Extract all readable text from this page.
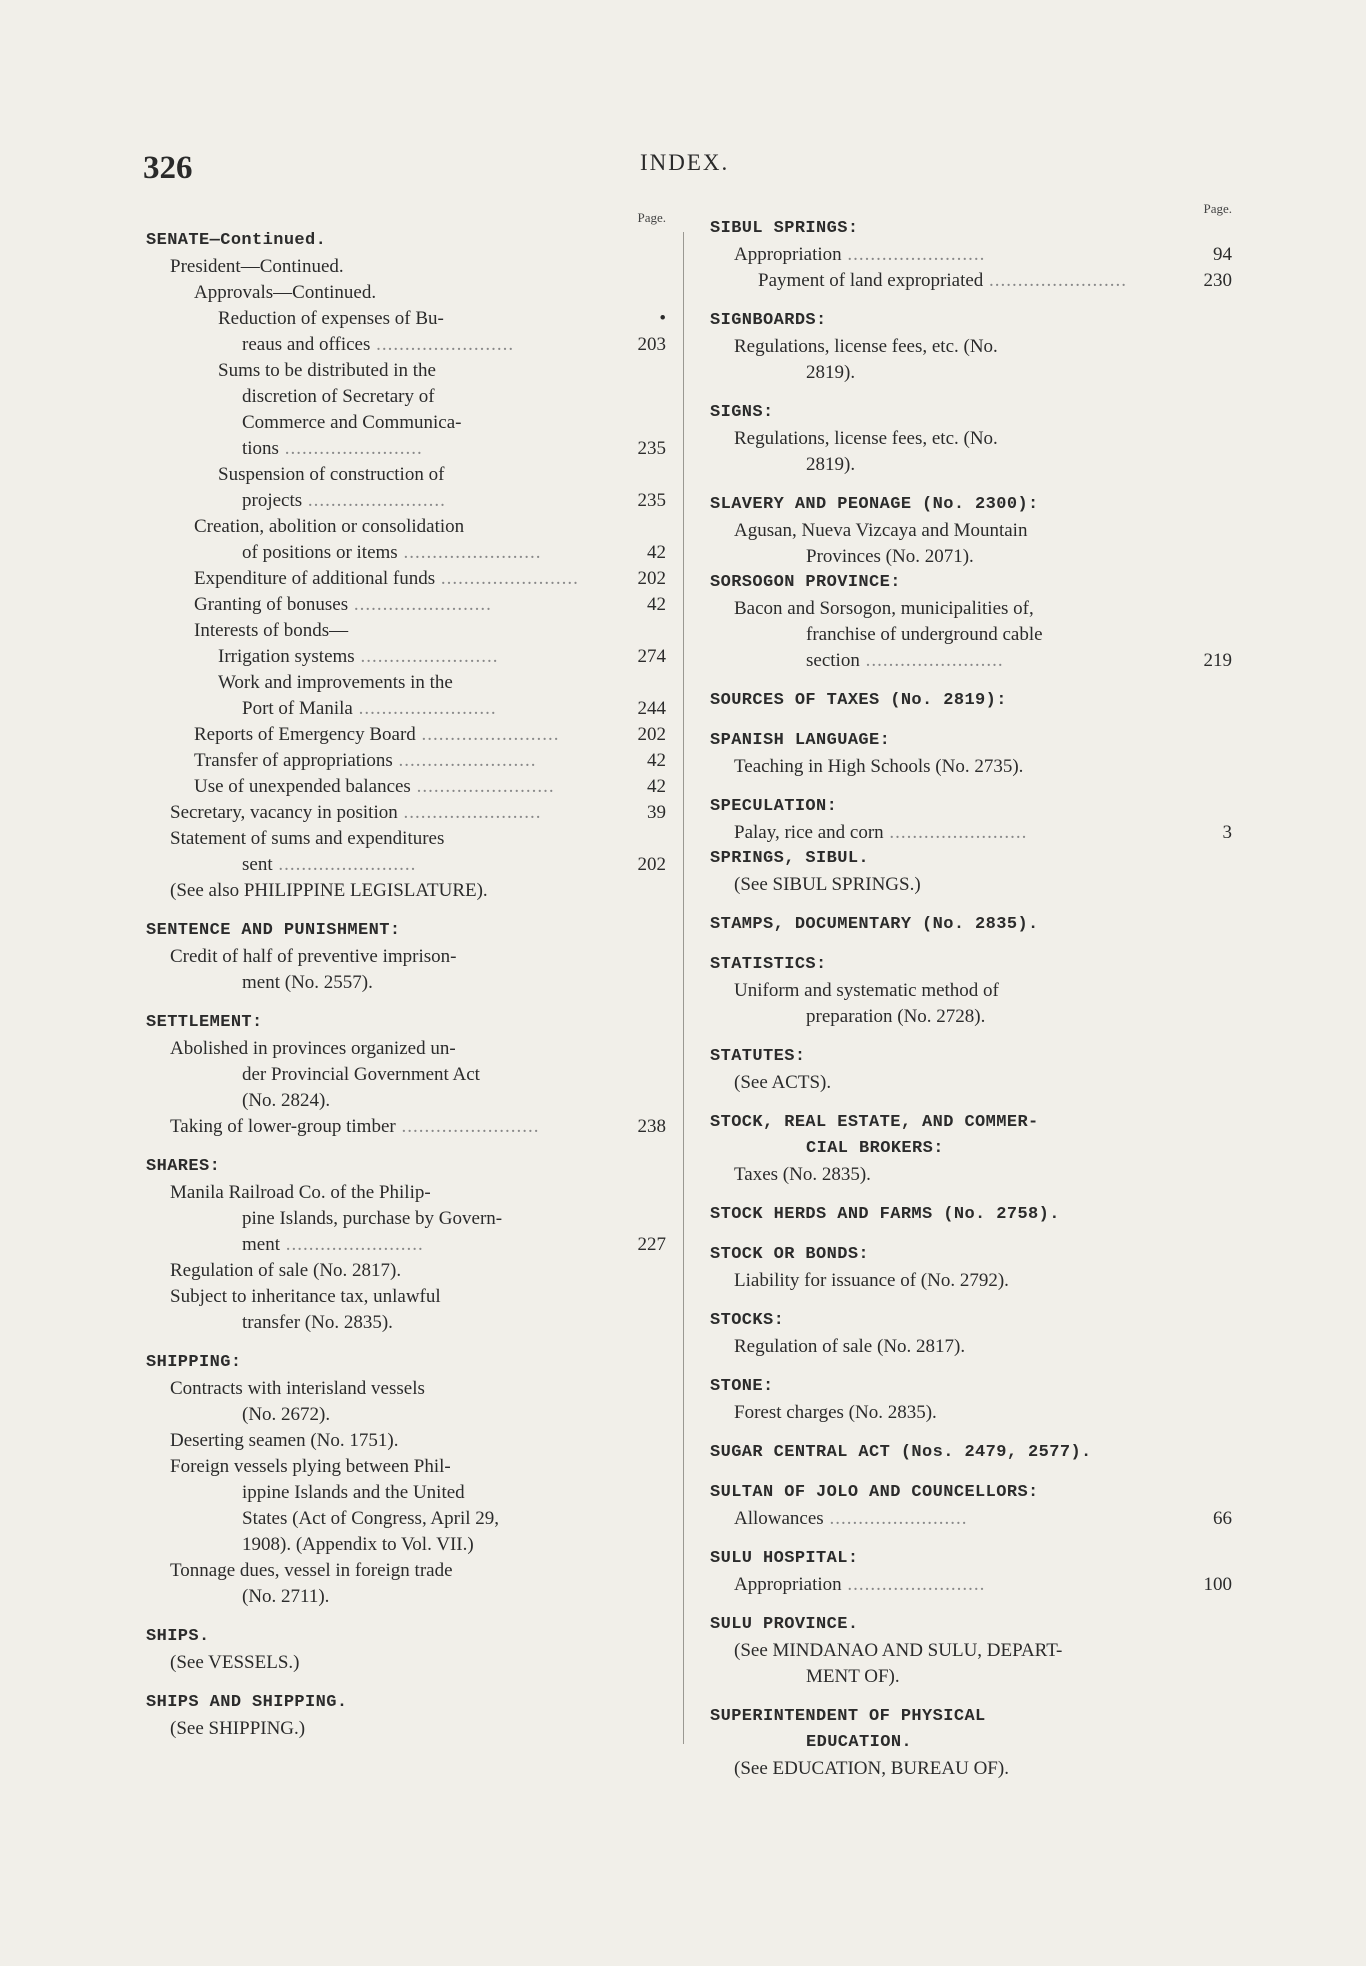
326	INDEX.
Page.
SENATE—Continued.
President—Continued.
Approvals—Continued.
Reduction of expenses of Bu-	•
reaus and offices ........................	203
Sums to be distributed in the
discretion of Secretary of
Commerce and Communica-
tions ........................	235
Suspension of construction of
projects ........................	235
Creation, abolition or consolidation
of positions or items ........................	42
Expenditure of additional funds ........................	202
Granting of bonuses ........................	42
Interests of bonds—
Irrigation systems ........................	274
Work and improvements in the
Port of Manila ........................	244
Reports of Emergency Board ........................	202
Transfer of appropriations ........................	42
Use of unexpended balances ........................	42
Secretary, vacancy in position ........................	39
Statement of sums and expenditures
sent ........................	202
(See also PHILIPPINE LEGISLATURE).
SENTENCE AND PUNISHMENT:
Credit of half of preventive imprison-
ment (No. 2557).
SETTLEMENT:
Abolished in provinces organized un-
der Provincial Government Act
(No. 2824).
Taking of lower-group timber ........................	238
SHARES:
Manila Railroad Co. of the Philip-
pine Islands, purchase by Govern-
ment ........................	227
Regulation of sale (No. 2817).
Subject to inheritance tax, unlawful
transfer (No. 2835).
SHIPPING:
Contracts with interisland vessels
(No. 2672).
Deserting seamen (No. 1751).
Foreign vessels plying between Phil-
ippine Islands and the United
States (Act of Congress, April 29,
1908). (Appendix to Vol. VII.)
Tonnage dues, vessel in foreign trade
(No. 2711).
SHIPS.
(See VESSELS.)
SHIPS AND SHIPPING.
(See SHIPPING.)
Page.
SIBUL SPRINGS:
Appropriation ........................	94
Payment of land expropriated ........................	230
SIGNBOARDS:
Regulations, license fees, etc. (No.
2819).
SIGNS:
Regulations, license fees, etc. (No.
2819).
SLAVERY AND PEONAGE (No. 2300):
Agusan, Nueva Vizcaya and Mountain
Provinces (No. 2071).
SORSOGON PROVINCE:
Bacon and Sorsogon, municipalities of,
franchise of underground cable
section ........................	219
SOURCES OF TAXES (No. 2819):
SPANISH LANGUAGE:
Teaching in High Schools (No. 2735).
SPECULATION:
Palay, rice and corn ........................	3
SPRINGS, SIBUL.
(See SIBUL SPRINGS.)
STAMPS, DOCUMENTARY (No. 2835).
STATISTICS:
Uniform and systematic method of
preparation (No. 2728).
STATUTES:
(See ACTS).
STOCK, REAL ESTATE, AND COMMER-
CIAL BROKERS:
Taxes (No. 2835).
STOCK HERDS AND FARMS (No. 2758).
STOCK OR BONDS:
Liability for issuance of (No. 2792).
STOCKS:
Regulation of sale (No. 2817).
STONE:
Forest charges (No. 2835).
SUGAR CENTRAL ACT (Nos. 2479, 2577).
SULTAN OF JOLO AND COUNCELLORS:
Allowances ........................	66
SULU HOSPITAL:
Appropriation ........................	100
SULU PROVINCE.
(See MINDANAO AND SULU, DEPART-
MENT OF).
SUPERINTENDENT OF PHYSICAL
EDUCATION.
(See EDUCATION, BUREAU OF).
